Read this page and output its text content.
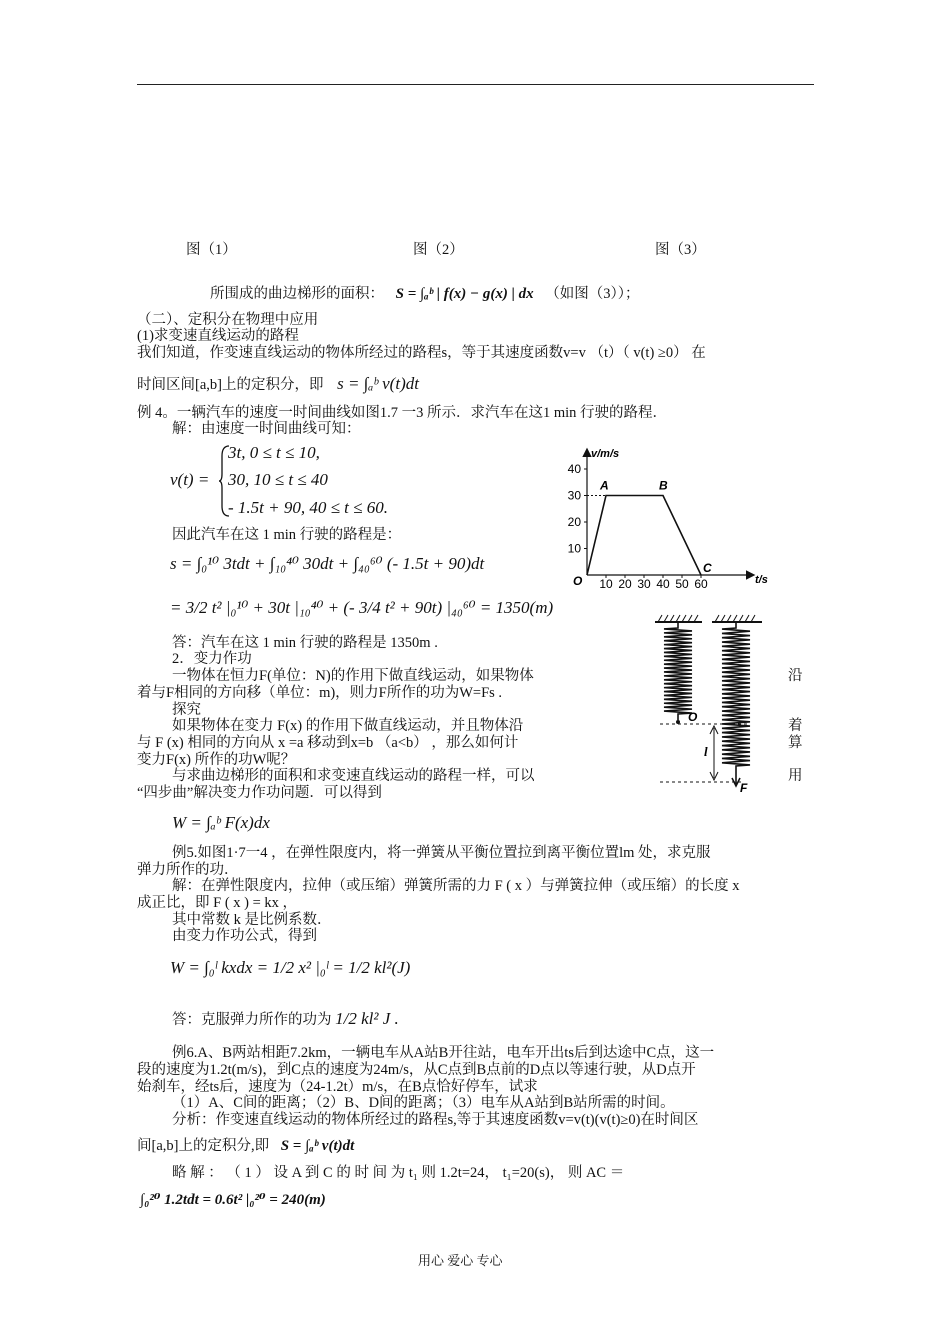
图（1）	图（2）	图（3）
所围成的曲边梯形的面积： S = ∫ₐᵇ | f(x) − g(x) | dx （如图（3））；
（二）、定积分在物理中应用
(1)求变速直线运动的路程
我们知道，作变速直线运动的物体所经过的路程s，等于其速度函数v=v （t）（ v(t) ≥0） 在
时间区间[a,b]上的定积分，即 s = ∫ₐᵇ v(t)dt
例 4。一辆汽车的速度一时间曲线如图1.7 一3 所示．求汽车在这1 min 行驶的路程．
解：由速度一时间曲线可知：
v(t) =
3t, 0 ≤ t ≤ 10,
30, 10 ≤ t ≤ 40
- 1.5t + 90, 40 ≤ t ≤ 60.
因此汽车在这 1 min 行驶的路程是：
s = ∫₀¹⁰ 3tdt + ∫₁₀⁴⁰ 30dt + ∫₄₀⁶⁰ (- 1.5t + 90)dt
= 3/2 t² |₀¹⁰ + 30t |₁₀⁴⁰ + (- 3/4 t² + 90t) |₄₀⁶⁰ = 1350(m)
答：汽车在这 1 min 行驶的路程是 1350m .
v/m/s
t/s
10
20
30
40
10 20 30 40 50 60
O
A	B
C
O
l
F
2．变力作功
一物体在恒力F(单位：N)的作用下做直线运动，如果物体	沿
着与F相同的方向移（单位：m)，则力F所作的功为W=Fs .
探究
如果物体在变力 F(x) 的作用下做直线运动，并且物体沿	着
与 F (x) 相同的方向从 x =a 移动到x=b （a<b） ，那么如何计	算
变力F(x) 所作的功W呢？
与求曲边梯形的面积和求变速直线运动的路程一样，可以	用
“四步曲”解决变力作功问题．可以得到
W = ∫ₐᵇ F(x)dx
例5.如图1·7一4 ，在弹性限度内，将一弹簧从平衡位置拉到离平衡位置lm 处，求克服
弹力所作的功．
解：在弹性限度内，拉伸（或压缩）弹簧所需的力 F ( x ）与弹簧拉伸（或压缩）的长度 x
成正比，即 F ( x ) = kx ，
其中常数 k 是比例系数．
由变力作功公式，得到
W = ∫₀ˡ kxdx = 1/2 x² |₀ˡ = 1/2 kl²(J)
答：克服弹力所作的功为 1/2 kl² J .
例6.A、B两站相距7.2km，一辆电车从A站B开往站，电车开出ts后到达途中C点，这一
段的速度为1.2t(m/s)，到C点的速度为24m/s，从C点到B点前的D点以等速行驶，从D点开
始刹车，经ts后，速度为（24-1.2t）m/s，在B点恰好停车，试求
（1）A、C间的距离；（2）B、D间的距离；（3）电车从A站到B站所需的时间。
分析：作变速直线运动的物体所经过的路程s,等于其速度函数v=v(t)(v(t)≥0)在时间区
间[a,b]上的定积分,即 S = ∫ₐᵇ v(t)dt
略 解 ： （ 1 ） 设 A 到 C 的 时 间 为 t₁ 则 1.2t=24， t₁=20(s)， 则 AC ＝
∫₀²⁰ 1.2tdt = 0.6t² |₀²⁰ = 240(m)
用心 爱心 专心
